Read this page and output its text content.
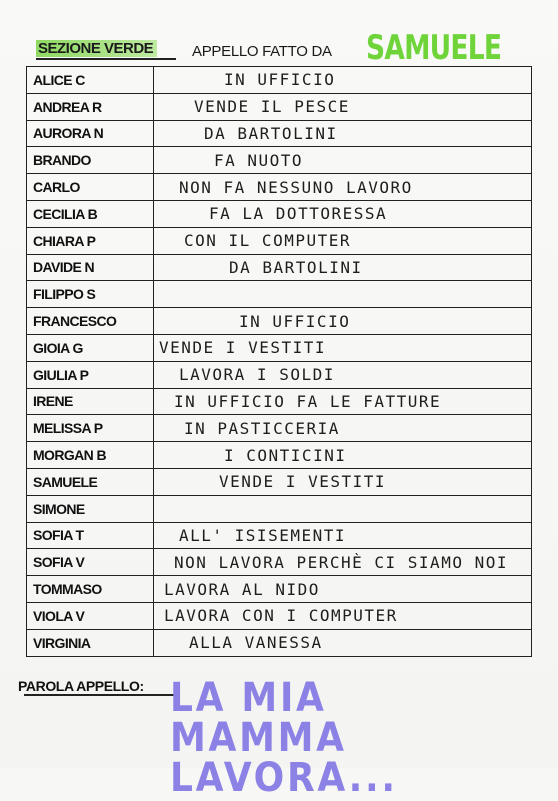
SEZIONE VERDE	APPELLO FATTO DA SAMUELE
ALICE C	IN UFFICIO
ANDREA R	VENDE IL PESCE
AURORA N	DA BARTOLINI
BRANDO	FA NUOTO
CARLO	NON FA NESSUNO LAVORO
CECILIA B	FA LA DOTTORESSA
CHIARA P	CON IL COMPUTER
DAVIDE N	DA BARTOLINI
FILIPPO S	
FRANCESCO	IN UFFICIO
GIOIA G	VENDE I VESTITI
GIULIA P	LAVORA I SOLDI
IRENE	IN UFFICIO FA LE FATTURE
MELISSA P	IN PASTICCERIA
MORGAN B	I CONTICINI
SAMUELE	VENDE I VESTITI
SIMONE	
SOFIA T	ALL' ISISEMENTI
SOFIA V	NON LAVORA PERCHÈ CI SIAMO NOI
TOMMASO	LAVORA AL NIDO
VIOLA V	LAVORA CON I COMPUTER
VIRGINIA	ALLA VANESSA
PAROLA APPELLO: LA MIA MAMMA
LAVORA...
